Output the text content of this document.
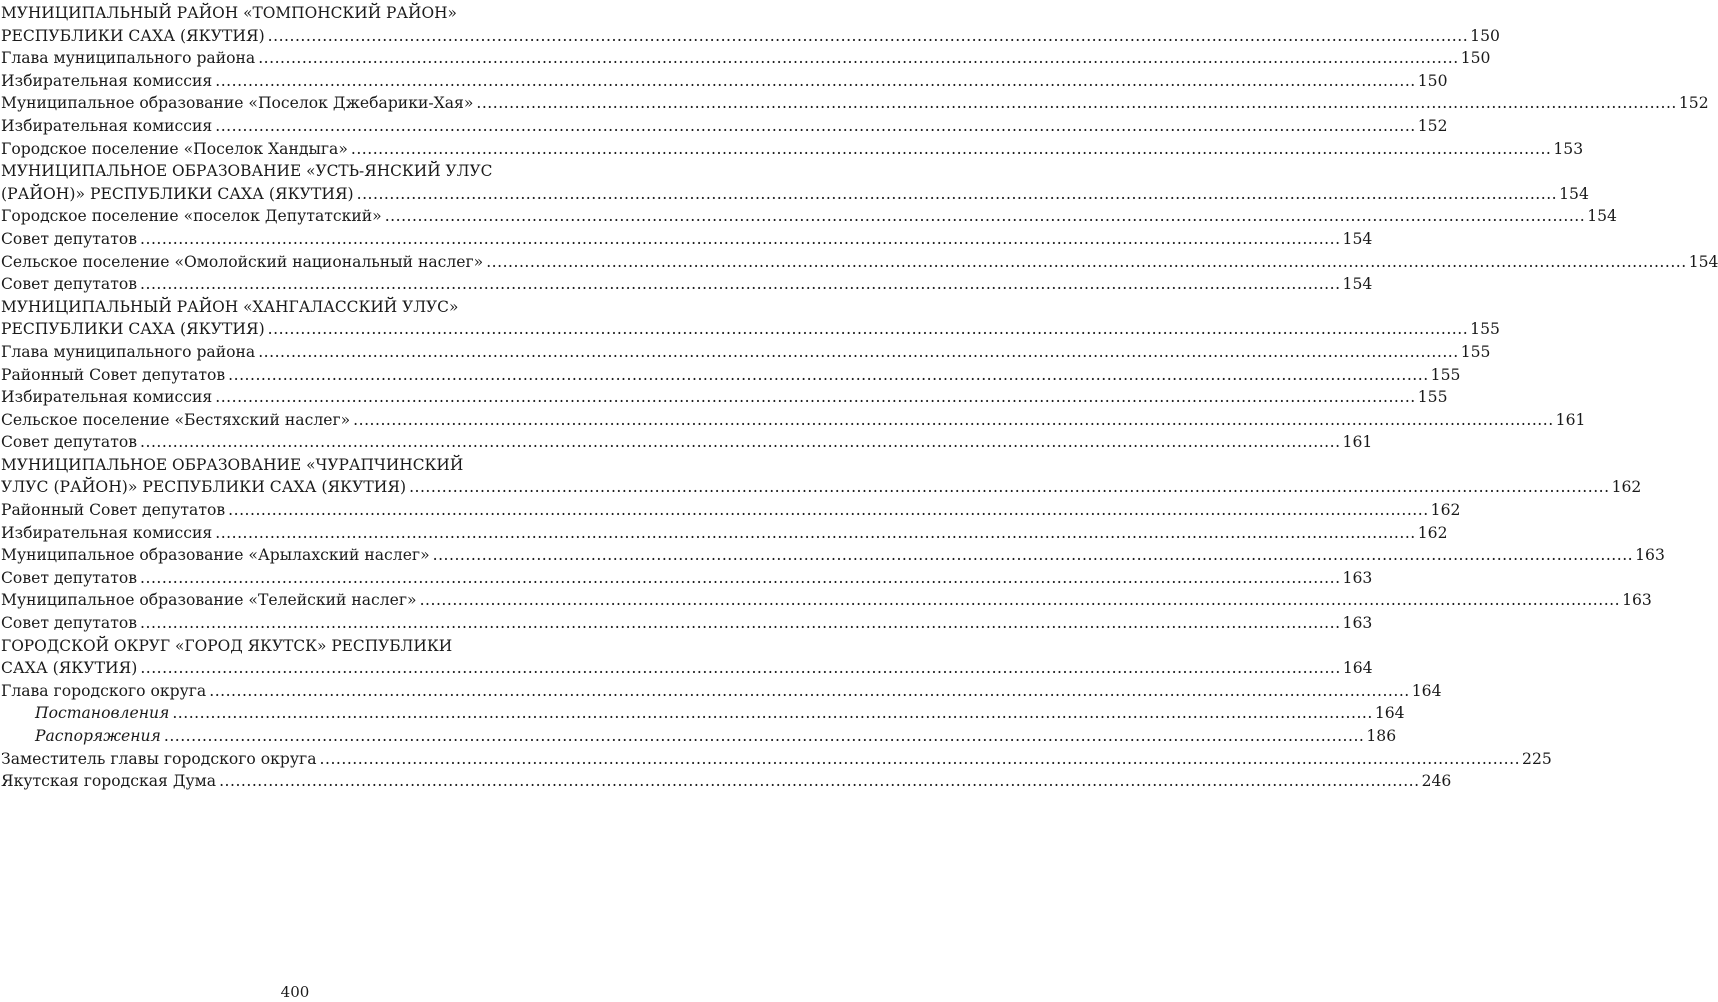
МУНИЦИПАЛЬНЫЙ РАЙОН «ТОМПОНСКИЙ РАЙОН»
РЕСПУБЛИКИ САХА (ЯКУТИЯ) ............................................................................................................................................................................................................................ 150
Глава муниципального района ............................................................................................................................................................................................................................ 150
Избирательная комиссия ............................................................................................................................................................................................................................ 150
Муниципальное образование «Поселок Джебарики-Хая» ............................................................................................................................................................................................................................ 152
Избирательная комиссия ............................................................................................................................................................................................................................ 152
Городское поселение «Поселок Хандыга» ............................................................................................................................................................................................................................ 153
МУНИЦИПАЛЬНОЕ ОБРАЗОВАНИЕ «УСТЬ-ЯНСКИЙ УЛУС
(РАЙОН)» РЕСПУБЛИКИ САХА (ЯКУТИЯ) ............................................................................................................................................................................................................................ 154
Городское поселение «поселок Депутатский» ............................................................................................................................................................................................................................ 154
Совет депутатов ............................................................................................................................................................................................................................ 154
Сельское поселение «Омолойский национальный наслег» ............................................................................................................................................................................................................................ 154
Совет депутатов ............................................................................................................................................................................................................................ 154
МУНИЦИПАЛЬНЫЙ РАЙОН «ХАНГАЛАССКИЙ УЛУС»
РЕСПУБЛИКИ САХА (ЯКУТИЯ) ............................................................................................................................................................................................................................ 155
Глава муниципального района ............................................................................................................................................................................................................................ 155
Районный Совет депутатов ............................................................................................................................................................................................................................ 155
Избирательная комиссия ............................................................................................................................................................................................................................ 155
Сельское поселение «Бестяхский наслег» ............................................................................................................................................................................................................................ 161
Совет депутатов ............................................................................................................................................................................................................................ 161
МУНИЦИПАЛЬНОЕ ОБРАЗОВАНИЕ «ЧУРАПЧИНСКИЙ
УЛУС (РАЙОН)» РЕСПУБЛИКИ САХА (ЯКУТИЯ) ............................................................................................................................................................................................................................ 162
Районный Совет депутатов ............................................................................................................................................................................................................................ 162
Избирательная комиссия ............................................................................................................................................................................................................................ 162
Муниципальное образование «Арылахский наслег» ............................................................................................................................................................................................................................ 163
Совет депутатов ............................................................................................................................................................................................................................ 163
Муниципальное образование «Телейский наслег» ............................................................................................................................................................................................................................ 163
Совет депутатов ............................................................................................................................................................................................................................ 163
ГОРОДСКОЙ ОКРУГ «ГОРОД ЯКУТСК» РЕСПУБЛИКИ
САХА (ЯКУТИЯ) ............................................................................................................................................................................................................................ 164
Глава городского округа ............................................................................................................................................................................................................................ 164
Постановления ............................................................................................................................................................................................................................ 164
Распоряжения ............................................................................................................................................................................................................................ 186
Заместитель главы городского округа ............................................................................................................................................................................................................................ 225
Якутская городская Дума ............................................................................................................................................................................................................................ 246
400
